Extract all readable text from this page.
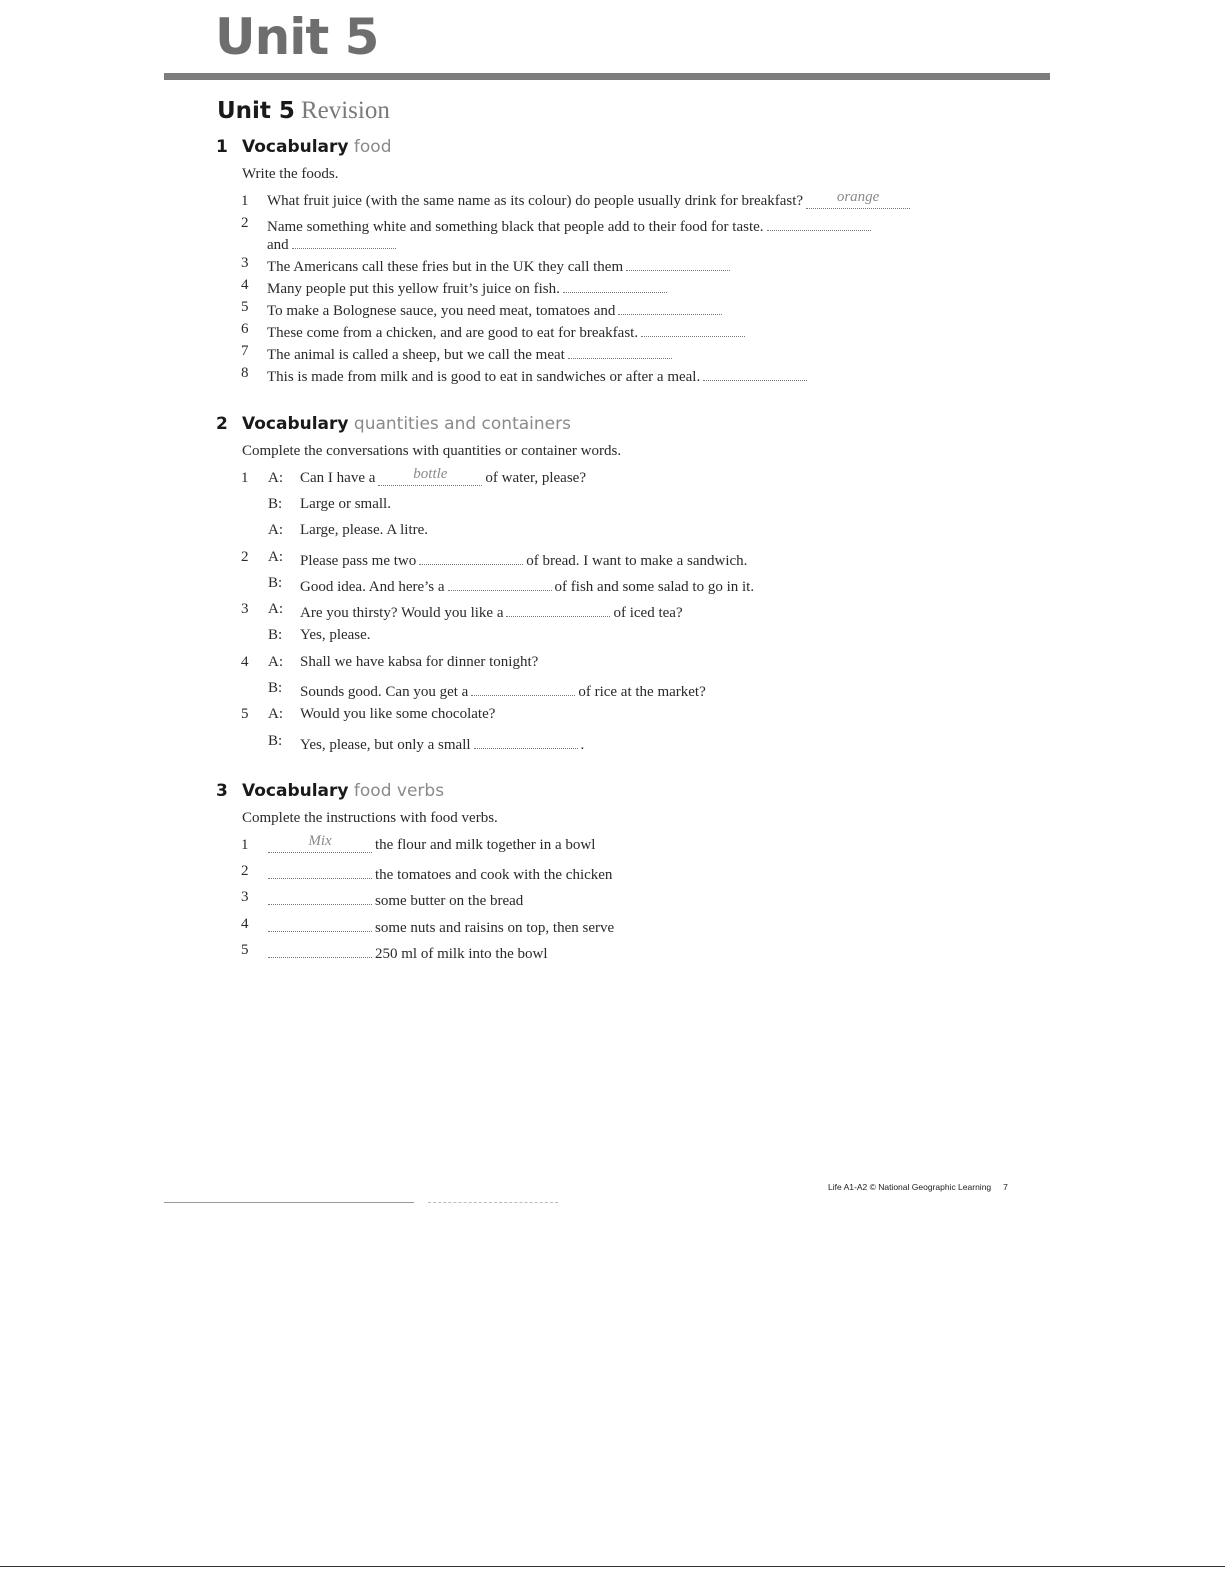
Unit 5
Unit 5 Revision
1 Vocabulary food
Write the foods.
1 What fruit juice (with the same name as its colour) do people usually drink for breakfast? orange
2 Name something white and something black that people add to their food for taste.
and
3 The Americans call these fries but in the UK they call them
4 Many people put this yellow fruit’s juice on fish.
5 To make a Bolognese sauce, you need meat, tomatoes and
6 These come from a chicken, and are good to eat for breakfast.
7 The animal is called a sheep, but we call the meat
8 This is made from milk and is good to eat in sandwiches or after a meal.
2 Vocabulary quantities and containers
Complete the conversations with quantities or container words.
1 A: Can I have a	bottle	of water, please?
B: Large or small.
A: Large, please. A litre.
2 A: Please pass me two	of bread. I want to make a sandwich.
B: Good idea. And here’s a	of fish and some salad to go in it.
3 A: Are you thirsty? Would you like a	of iced tea?
B: Yes, please.
4 A: Shall we have kabsa for dinner tonight?
B: Sounds good. Can you get a	of rice at the market?
5 A: Would you like some chocolate?
B: Yes, please, but only a small	.
3 Vocabulary food verbs
Complete the instructions with food verbs.
1	Mix	the flour and milk together in a bowl
2	the tomatoes and cook with the chicken
3	some butter on the bread
4	some nuts and raisins on top, then serve
5	250 ml of milk into the bowl
Life A1-A2 © National Geographic Learning 7
